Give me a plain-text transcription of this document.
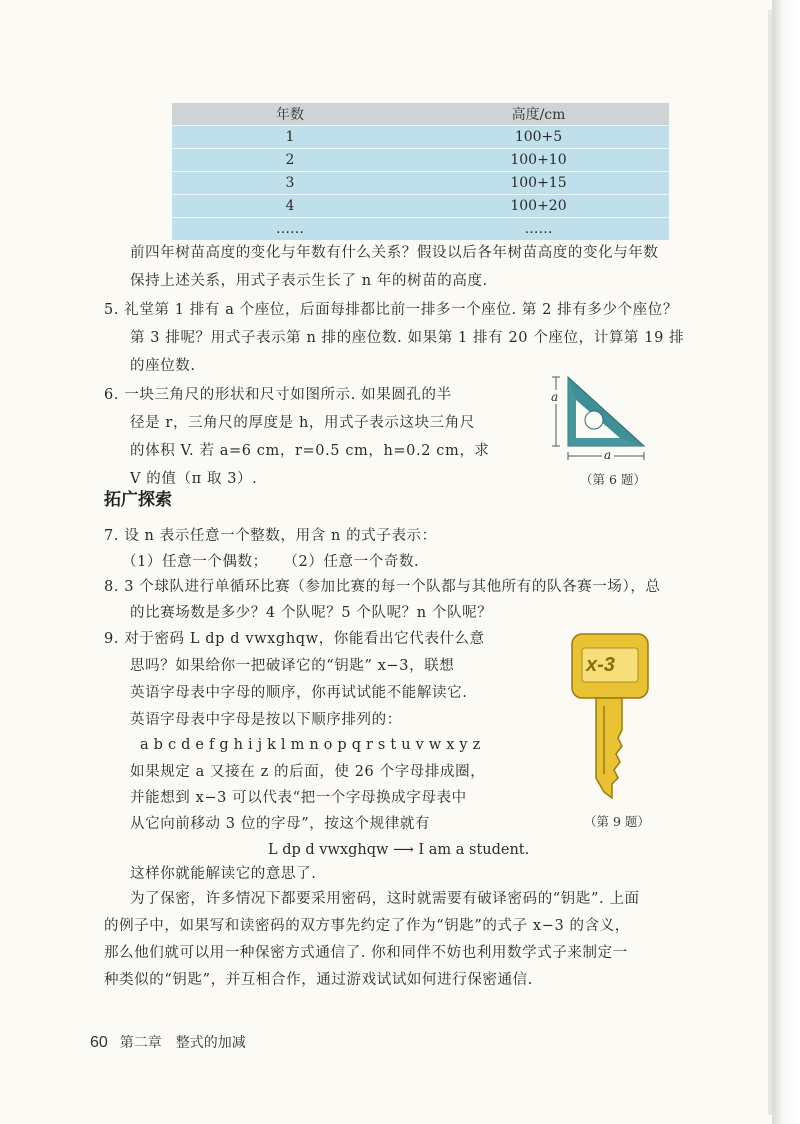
年数	高度/cm
1	100+5
2	100+10
3	100+15
4	100+20
……	……
前四年树苗高度的变化与年数有什么关系？假设以后各年树苗高度的变化与年数
保持上述关系，用式子表示生长了 n 年的树苗的高度.
5. 礼堂第 1 排有 a 个座位，后面每排都比前一排多一个座位. 第 2 排有多少个座位？
第 3 排呢？用式子表示第 n 排的座位数. 如果第 1 排有 20 个座位，计算第 19 排
的座位数.
6. 一块三角尺的形状和尺寸如图所示. 如果圆孔的半
径是 r，三角尺的厚度是 h，用式子表示这块三角尺
的体积 V. 若 a=6 cm，r=0.5 cm，h=0.2 cm，求
V 的值（π 取 3）.
a
a
（第 6 题）
拓广探索
7. 设 n 表示任意一个整数，用含 n 的式子表示：
（1）任意一个偶数；　　（2）任意一个奇数.
8. 3 个球队进行单循环比赛（参加比赛的每一个队都与其他所有的队各赛一场），总
的比赛场数是多少？4 个队呢？5 个队呢？n 个队呢？
9. 对于密码 L dp d vwxghqw，你能看出它代表什么意
思吗？如果给你一把破译它的“钥匙” x−3，联想
英语字母表中字母的顺序，你再试试能不能解读它.
英语字母表中字母是按以下顺序排列的：
a b c d e f g h i j k l m n o p q r s t u v w x y z
如果规定 a 又接在 z 的后面，使 26 个字母排成圈，
并能想到 x−3 可以代表“把一个字母换成字母表中
从它向前移动 3 位的字母”，按这个规律就有
L dp d vwxghqw ⟶ I am a student.
这样你就能解读它的意思了.
x-3
（第 9 题）
为了保密，许多情况下都要采用密码，这时就需要有破译密码的“钥匙”. 上面
的例子中，如果写和读密码的双方事先约定了作为“钥匙”的式子 x−3 的含义，
那么他们就可以用一种保密方式通信了. 你和同伴不妨也利用数学式子来制定一
种类似的“钥匙”，并互相合作，通过游戏试试如何进行保密通信.
60 第二章　整式的加减
